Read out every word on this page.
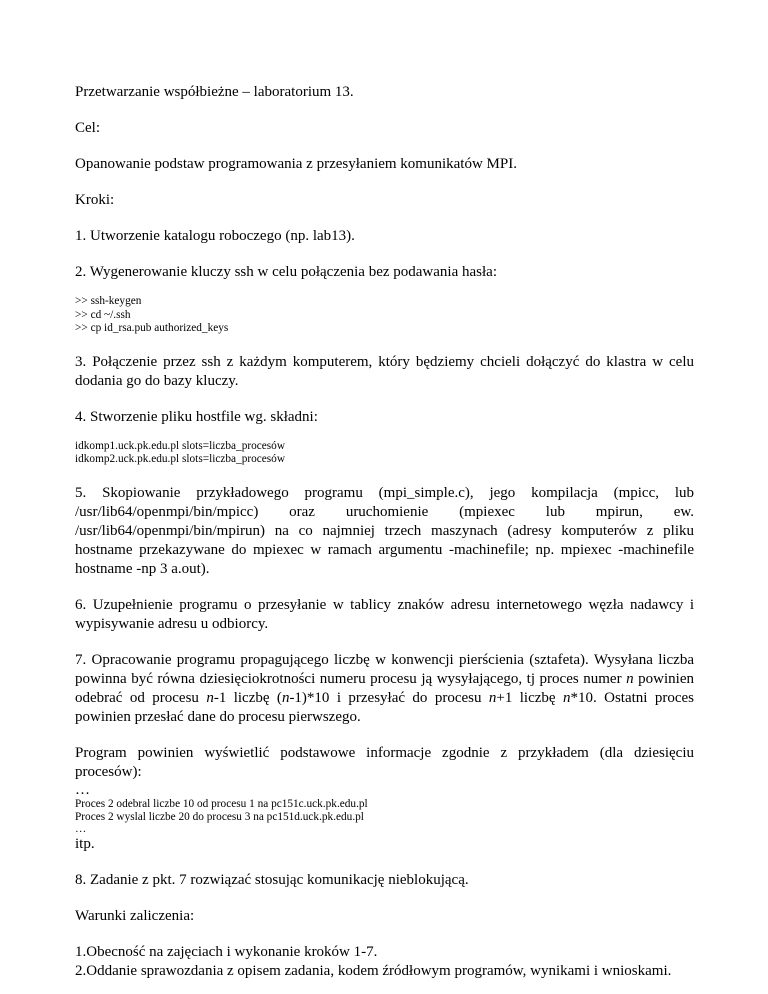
Przetwarzanie współbieżne – laboratorium 13.

Cel:

Opanowanie podstaw programowania z przesyłaniem komunikatów MPI.

Kroki:

1. Utworzenie katalogu roboczego (np. lab13).

2. Wygenerowanie kluczy ssh w celu połączenia bez podawania hasła:

>> ssh-keygen
>> cd ~/.ssh
>> cp id_rsa.pub authorized_keys

3. Połączenie przez ssh z każdym komputerem, który będziemy chcieli dołączyć do klastra w celu dodania go do bazy kluczy.

4. Stworzenie pliku hostfile wg. składni:

idkomp1.uck.pk.edu.pl slots=liczba_procesów
idkomp2.uck.pk.edu.pl slots=liczba_procesów

5. Skopiowanie przykładowego programu (mpi_simple.c), jego kompilacja (mpicc, lub /usr/lib64/openmpi/bin/mpicc) oraz uruchomienie (mpiexec lub mpirun, ew. /usr/lib64/openmpi/bin/mpirun) na co najmniej trzech maszynach (adresy komputerów z pliku hostname przekazywane do mpiexec w ramach argumentu -machinefile; np. mpiexec -machinefile hostname -np 3 a.out).

6. Uzupełnienie programu o przesyłanie w tablicy znaków adresu internetowego węzła nadawcy i wypisywanie adresu u odbiorcy.

7. Opracowanie programu propagującego liczbę w konwencji pierścienia (sztafeta). Wysyłana liczba powinna być równa dziesięciokrotności numeru procesu ją wysyłającego, tj proces numer n powinien odebrać od procesu n-1 liczbę (n-1)*10 i przesyłać do procesu n+1 liczbę n*10. Ostatni proces powinien przesłać dane do procesu pierwszego.

Program powinien wyświetlić podstawowe informacje zgodnie z przykładem (dla dziesięciu procesów):
…
Proces 2 odebral liczbe 10 od procesu 1 na pc151c.uck.pk.edu.pl
Proces 2 wyslal liczbe 20 do procesu 3 na pc151d.uck.pk.edu.pl
…
itp.

8. Zadanie z pkt. 7 rozwiązać stosując komunikację nieblokującą.

Warunki zaliczenia:

1.Obecność na zajęciach i wykonanie kroków 1-7.
2.Oddanie sprawozdania z opisem zadania, kodem źródłowym programów, wynikami i wnioskami.
